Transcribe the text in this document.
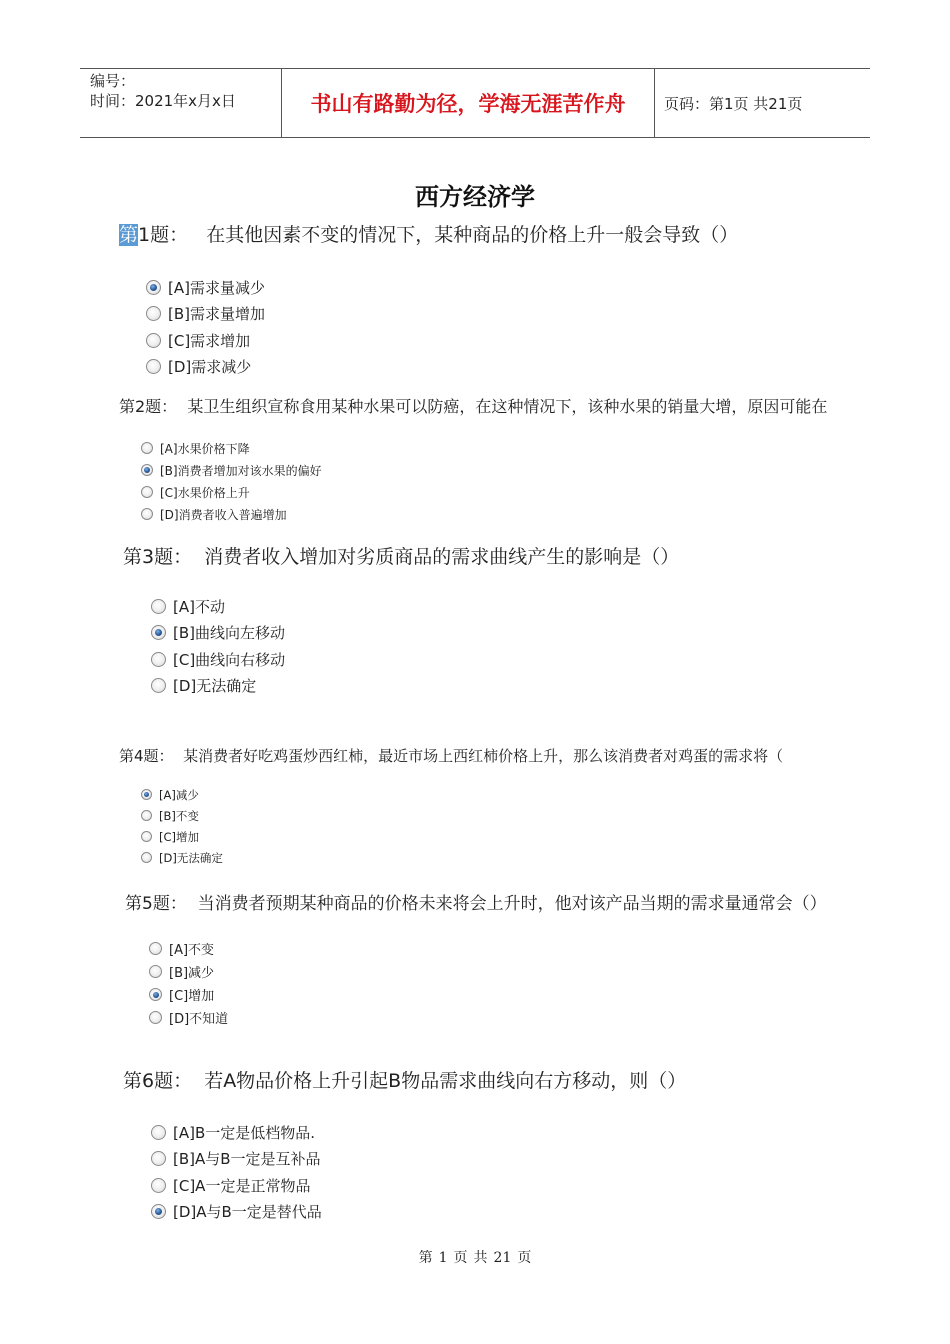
编号：
时间：2021年x月x日	书山有路勤为径，学海无涯苦作舟	页码：第1页 共21页
西方经济学
第1题： 在其他因素不变的情况下，某种商品的价格上升一般会导致（）
[A]需求量减少
[B]需求量增加
[C]需求增加
[D]需求减少
第2题： 某卫生组织宣称食用某种水果可以防癌，在这种情况下，该种水果的销量大增，原因可能在
[A]水果价格下降
[B]消费者增加对该水果的偏好
[C]水果价格上升
[D]消费者收入普遍增加
第3题： 消费者收入增加对劣质商品的需求曲线产生的影响是（）
[A]不动
[B]曲线向左移动
[C]曲线向右移动
[D]无法确定
第4题： 某消费者好吃鸡蛋炒西红柿，最近市场上西红柿价格上升，那么该消费者对鸡蛋的需求将（
[A]减少
[B]不变
[C]增加
[D]无法确定
第5题： 当消费者预期某种商品的价格未来将会上升时，他对该产品当期的需求量通常会（）
[A]不变
[B]减少
[C]增加
[D]不知道
第6题： 若A物品价格上升引起B物品需求曲线向右方移动，则（）
[A]B一定是低档物品.
[B]A与B一定是互补品
[C]A一定是正常物品
[D]A与B一定是替代品
第 1 页 共 21 页
